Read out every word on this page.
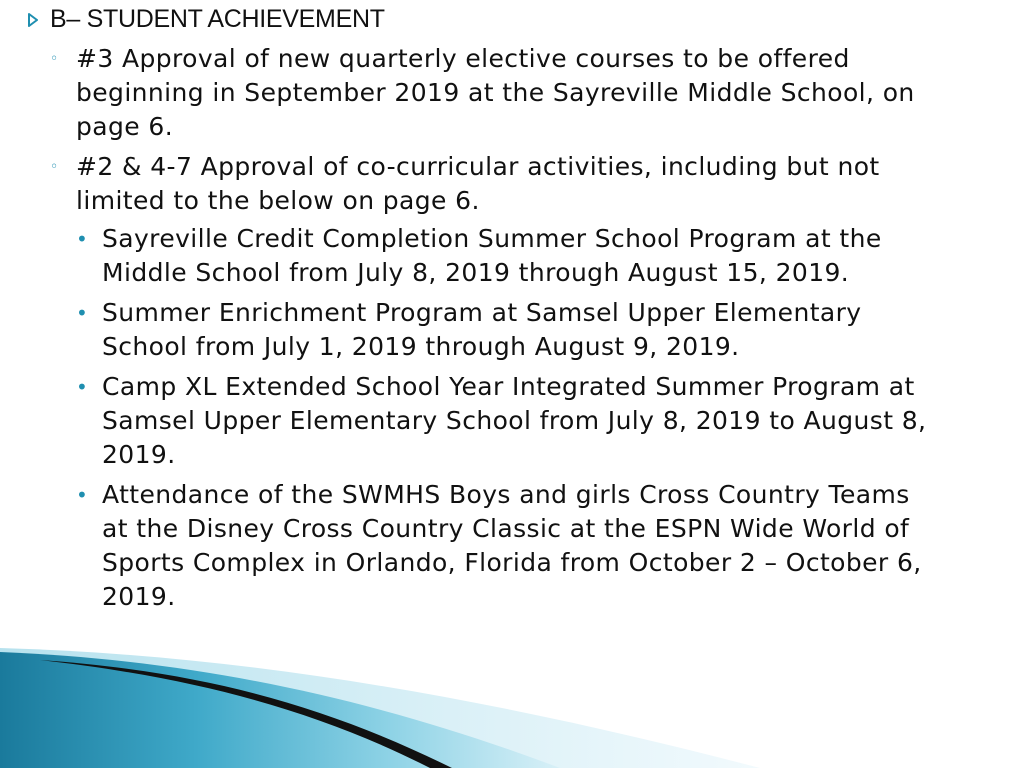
B– STUDENT ACHIEVEMENT
◦ #3 Approval of new quarterly elective courses to be offered beginning in September 2019 at the Sayreville Middle School, on page 6.
◦ #2 & 4-7 Approval of co-curricular activities, including but not limited to the below on page 6.
• Sayreville Credit Completion Summer School Program at the Middle School from July 8, 2019 through August 15, 2019.
• Summer Enrichment Program at Samsel Upper Elementary School from July 1, 2019 through August 9, 2019.
• Camp XL Extended School Year Integrated Summer Program at Samsel Upper Elementary School from July 8, 2019 to August 8, 2019.
• Attendance of the SWMHS Boys and girls Cross Country Teams at the Disney Cross Country Classic at the ESPN Wide World of Sports Complex in Orlando, Florida from October 2 – October 6, 2019.
